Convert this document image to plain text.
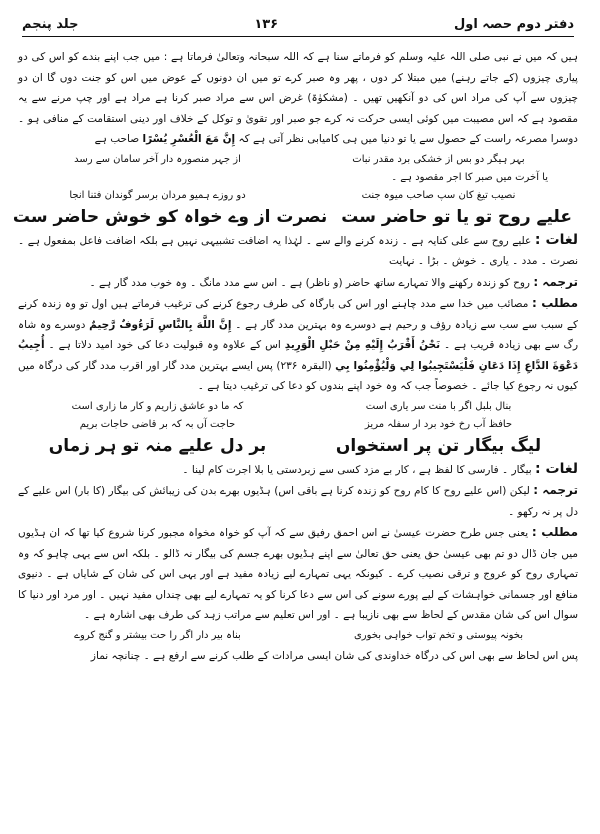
دفتر دوم حصہ اول
۱۳۶
جلد پنجم

ہیں کہ میں نے نبی صلی اللہ علیہ وسلم کو فرماتے سنا ہے کہ اللہ سبحانہ وتعالیٰ فرماتا ہے : میں جب اپنے بندے کو اس کی دو پیاری چیزوں (کے جاتے رہنے) میں مبتلا کر دوں ، پھر وہ صبر کرے تو میں ان دونوں کے عوض میں اس کو جنت دوں گا ان دو چیزوں سے آپ کی مراد اس کی دو آنکھیں تھیں ۔ (مشکوٰۃ) غرض اس سے مراد صبر کرنا ہے مراد ہے اور چپ مرنے سے یہ مقصود ہے کہ اس مصیبت میں کوئی ایسی حرکت نہ کرے جو صبر اور تقویٰ و توکل کے خلاف اور دینی استقامت کے منافی ہو ۔ دوسرا مصرعہ راست کے حصول سے یا تو دنیا میں ہی کامیابی نظر آتی ہے کہ إِنَّ مَعَ الْعُسْرِ يُسْرًا صاحب ہے

بہر ہیگر دو بس از خشکی برد مقدر نبات
از جہر منصورہ دار آخر سامان سے رسد
یا آخرت میں صبر کا اجر مقصود ہے ۔
نصیب تیغ کان سپ صاحب میوہ جنت
دو روزے ہمیو مردان برسر گوندان فتنا انجا
علیے روح تو یا تو حاضر ست
نصرت از وے خواہ کو خوش حاضر ست

لغات : علیے روح سے علی کنایہ ہے ۔ زندہ کرنے والے سے ۔ لہٰذا یہ اضافت تشبیہی نہیں ہے بلکہ اضافت فاعل بمفعول ہے ۔ نصرت ۔ مدد ۔ یاری ۔ خوش ۔ بڑا ۔ نہایت

ترجمہ : روح کو زندہ رکھنے والا تمہارے ساتھ حاضر (و ناظر) ہے ۔ اس سے مدد مانگ ۔ وہ خوب مدد گار ہے ۔

مطلب : مصائب میں خدا سے مدد چاہنے اور اس کی بارگاہ کی طرف رجوع کرنے کی ترغیب فرماتے ہیں اول تو وہ زندہ کرنے کے سبب سے سب سے زیادہ رؤف و رحیم ہے دوسرے وہ بہترین مدد گار ہے ۔ إِنَّ اللَّهَ بِالنَّاسِ لَرَءُوفٌ رَّحِيمٌ دوسرے وہ شاہ رگ سے بھی زیادہ قریب ہے ۔ نَحْنُ أَقْرَبُ إِلَيْهِ مِنْ حَبْلِ الْوَرِيدِ اس کے علاوہ وہ قبولیت دعا کی خود امید دلاتا ہے ۔ أُجِيبُ دَعْوَةَ الدَّاعِ إِذَا دَعَانِ فَلْيَسْتَجِيبُوا لِي وَلْيُؤْمِنُوا بِي (البقرہ ۲۳۶) پس ایسے بہترین مدد گار اور اقرب مدد گار کی درگاہ میں کیوں نہ رجوع کیا جائے ۔ خصوصاً جب کہ وہ خود اپنے بندوں کو دعا کی ترغیب دیتا ہے ۔

بنال بلبل اگر با منت سر یاری است
کہ ما دو عاشق زاریم و کار ما زاری است
حافظ آب رخ خود برد ار سفلہ مریز
حاجت آں بہ کہ بر قاضی حاجات بریم
لیگ بیگار تن پر استخواں
بر دل علیے منہ تو ہر زماں

لغات : بیگار ۔ فارسی کا لفظ ہے ، کار بے مزد کسی سے زبردستی یا بلا اجرت کام لینا ۔

ترجمہ : لیکن (اس علیے روح کا کام روح کو زندہ کرنا ہے باقی اس) ہڈیوں بھرے بدن کی زیبائش کی بیگار (کا بار) اس علیے کے دل پر نہ رکھو ۔

مطلب : یعنی جس طرح حضرت عیسیٰ نے اس احمق رفیق سے کہ آپ کو خواہ مخواہ مجبور کرنا شروع کیا تھا کہ ان ہڈیوں میں جان ڈال دو تم بھی عیسیٰ حق یعنی حق تعالیٰ سے اپنے ہڈیوں بھرے جسم کی بیگار نہ ڈالو ۔ بلکہ اس سے یہی چاہو کہ وہ تمہاری روح کو عروج و ترقی نصیب کرے ۔ کیونکہ یہی تمہارے لیے زیادہ مفید ہے اور یہی اس کی شان کے شایاں ہے ۔ دنیوی منافع اور جسمانی خواہشات کے لیے پورے سونے کی اس سے دعا کرنا کو یہ تمہارے لیے بھی چنداں مفید نہیں ۔ اور مرد اور دنیا کا سوال اس کی شان مقدس کے لحاظ سے بھی نازیبا ہے ۔ اور اس تعلیم سے مراتب زہد کی طرف بھی اشارہ ہے ۔

بخونہ پیوستی و تخم تواب خواہی بخوری
بناہ بیر دار اگر را حت بیشتر و گنج کروے

پس اس لحاظ سے بھی اس کی درگاہ خداوندی کی شان ایسی مرادات کے طلب کرنے سے ارفع ہے ۔ چنانچہ نماز
